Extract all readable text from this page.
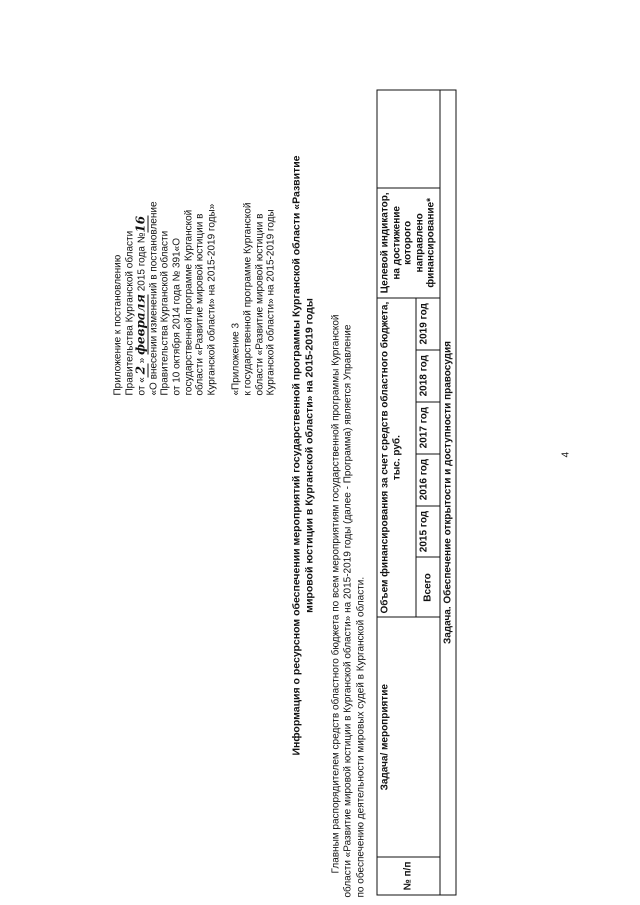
4
Приложение к постановлению Правительства Курганской области от «2» февраля 2015 года №16 «О внесении изменений в постановление Правительства Курганской области от 10 октября 2014 года № 391«О государственной программе Курганской области «Развитие мировой юстиции в Курганской области» на 2015-2019 годы» «Приложение 3 к государственной программе Курганской области «Развитие мировой юстиции в Курганской области» на 2015-2019 годы Информация о ресурсном обеспечении мероприятий государственной программы Курганской области «Развитие мировой юстиции в Курганской области» на 2015-2019 годы Главным распорядителем средств областного бюджета по всем мероприятиям государственной программы Курганской области «Развитие мировой юстиции в Курганской области» на 2015-2019 годы (далее - Программа) является Управление по обеспечению деятельности мировых судей в Курганской области.	№ п/п	Задача/ мероприятие	Объем финансирования за счет средств областного бюджета, тыс. руб.						Целевой индикатор, на достижение которого направлено финансирование*	
		Всего	2015 год	2016 год	2017 год	2018 год	2019 год		
Задача. Обеспечение открытости и доступности правосудия									
